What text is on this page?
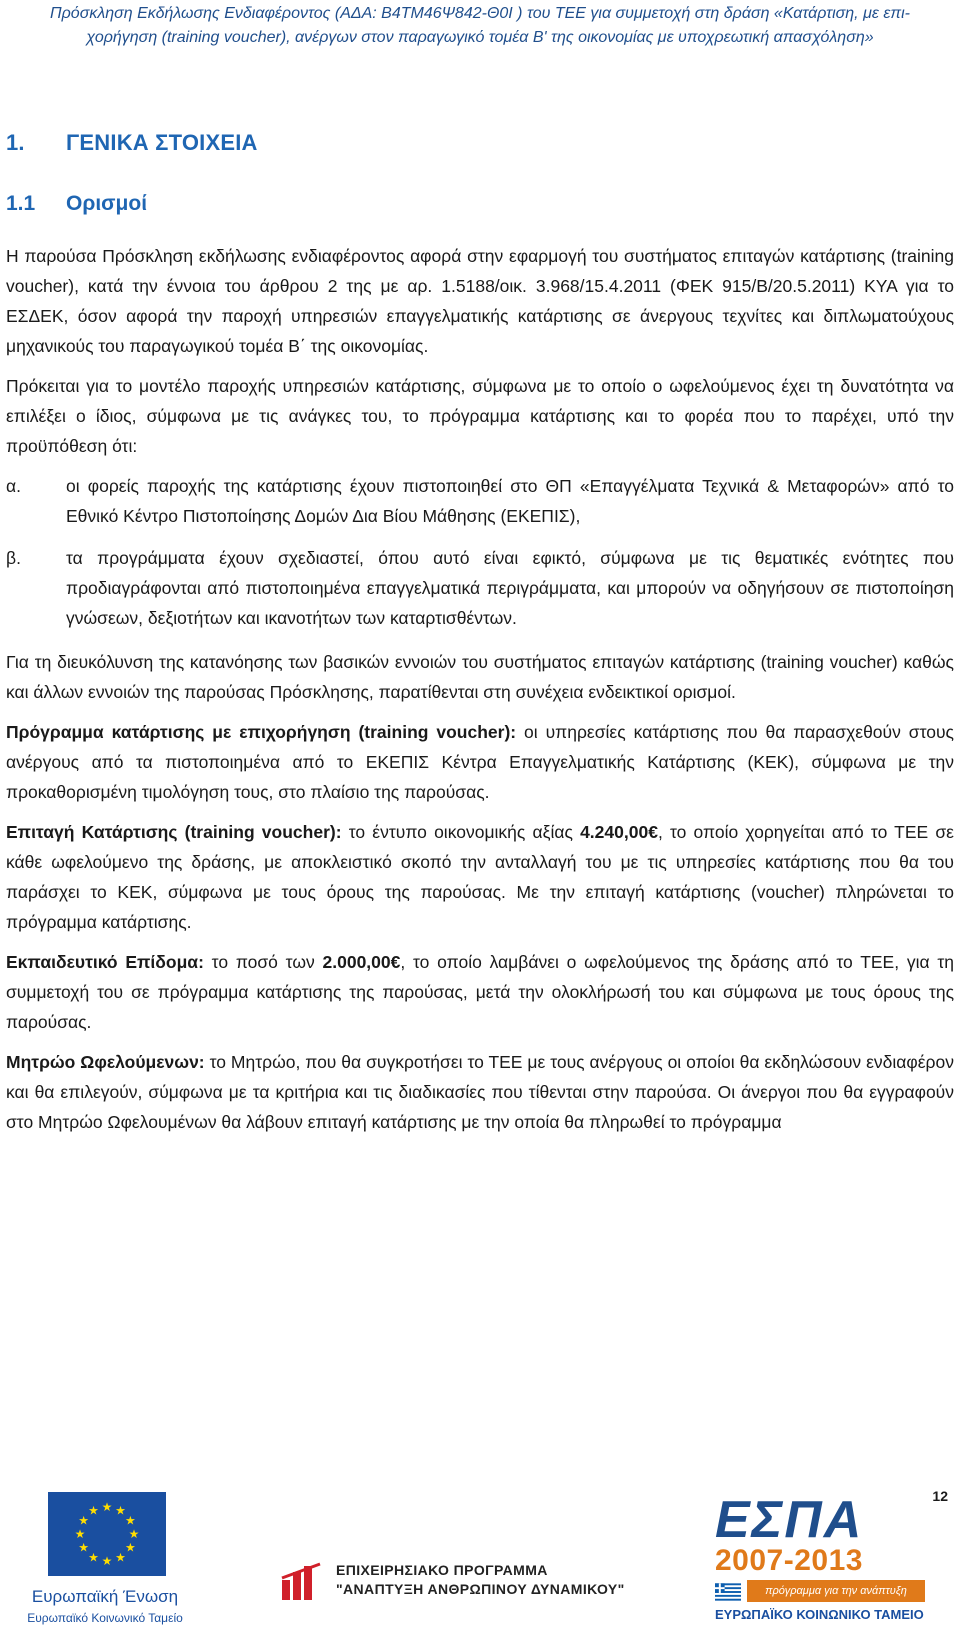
Πρόσκληση Εκδήλωσης Ενδιαφέροντος (ΑΔΑ: Β4ΤΜ46Ψ842-Θ0Ι ) του ΤΕΕ για συμμετοχή στη δράση «Κατάρτιση, με επι-
χορήγηση (training voucher), ανέργων στον παραγωγικό τομέα Β' της οικονομίας με υποχρεωτική απασχόληση»
1. ΓΕΝΙΚΑ ΣΤΟΙΧΕΙΑ
1.1 Ορισμοί

Η παρούσα Πρόσκληση εκδήλωσης ενδιαφέροντος αφορά στην εφαρμογή του συστήματος επιταγών κατάρτισης (training voucher), κατά την έννοια του άρθρου 2 της με αρ. 1.5188/οικ. 3.968/15.4.2011 (ΦΕΚ 915/Β/20.5.2011) ΚΥΑ για το ΕΣΔΕΚ, όσον αφορά την παροχή υπηρεσιών επαγγελματικής κατάρτισης σε άνεργους τεχνίτες και διπλωματούχους μηχανικούς του παραγωγικού τομέα Β΄ της οικονομίας.

Πρόκειται για το μοντέλο παροχής υπηρεσιών κατάρτισης, σύμφωνα με το οποίο ο ωφελούμενος έχει τη δυνατότητα να επιλέξει ο ίδιος, σύμφωνα με τις ανάγκες του, το πρόγραμμα κατάρτισης και το φορέα που το παρέχει, υπό την προϋπόθεση ότι:

α.	οι φορείς παροχής της κατάρτισης έχουν πιστοποιηθεί στο ΘΠ «Επαγγέλματα Τεχνικά & Μεταφορών» από το Εθνικό Κέντρο Πιστοποίησης Δομών Δια Βίου Μάθησης (ΕΚΕΠΙΣ),
β.	τα προγράμματα έχουν σχεδιαστεί, όπου αυτό είναι εφικτό, σύμφωνα με τις θεματικές ενότητες που προδιαγράφονται από πιστοποιημένα επαγγελματικά περιγράμματα, και μπορούν να οδηγήσουν σε πιστοποίηση γνώσεων, δεξιοτήτων και ικανοτήτων των καταρτισθέντων.

Για τη διευκόλυνση της κατανόησης των βασικών εννοιών του συστήματος επιταγών κατάρτισης (training voucher) καθώς και άλλων εννοιών της παρούσας Πρόσκλησης, παρατίθενται στη συνέχεια ενδεικτικοί ορισμοί.

Πρόγραμμα κατάρτισης με επιχορήγηση (training voucher): οι υπηρεσίες κατάρτισης που θα παρασχεθούν στους ανέργους από τα πιστοποιημένα από το ΕΚΕΠΙΣ Κέντρα Επαγγελματικής Κατάρτισης (ΚΕΚ), σύμφωνα με την προκαθορισμένη τιμολόγηση τους, στο πλαίσιο της παρούσας.

Επιταγή Κατάρτισης (training voucher): το έντυπο οικονομικής αξίας 4.240,00€, το οποίο χορηγείται από το ΤΕΕ σε κάθε ωφελούμενο της δράσης, με αποκλειστικό σκοπό την ανταλλαγή του με τις υπηρεσίες κατάρτισης που θα του παράσχει το ΚΕΚ, σύμφωνα με τους όρους της παρούσας. Με την επιταγή κατάρτισης (voucher) πληρώνεται το πρόγραμμα κατάρτισης.

Εκπαιδευτικό Επίδομα: το ποσό των 2.000,00€, το οποίο λαμβάνει ο ωφελούμενος της δράσης από το ΤΕΕ, για τη συμμετοχή του σε πρόγραμμα κατάρτισης της παρούσας, μετά την ολοκλήρωσή του και σύμφωνα με τους όρους της παρούσας.

Μητρώο Ωφελούμενων: το Μητρώο, που θα συγκροτήσει το ΤΕΕ με τους ανέργους οι οποίοι θα εκδηλώσουν ενδιαφέρον και θα επιλεγούν, σύμφωνα με τα κριτήρια και τις διαδικασίες που τίθενται στην παρούσα. Οι άνεργοι που θα εγγραφούν στο Μητρώο Ωφελουμένων θα λάβουν επιταγή κατάρτισης με την οποία θα πληρωθεί το πρόγραμμα

12
★ ★
★
★
★
★
★
★
★
★
★
★
Ευρωπαϊκή Ένωση
Ευρωπαϊκό Κοινωνικό Ταμείο
ΕΠΙΧΕΙΡΗΣΙΑΚΟ ΠΡΟΓΡΑΜΜΑ
"ΑΝΑΠΤΥΞΗ ΑΝΘΡΩΠΙΝΟΥ ΔΥΝΑΜΙΚΟΥ"
ΕΣΠΑ
2007-2013
πρόγραμμα για την ανάπτυξη
ΕΥΡΩΠΑΪΚΟ ΚΟΙΝΩΝΙΚΟ ΤΑΜΕΙΟ
